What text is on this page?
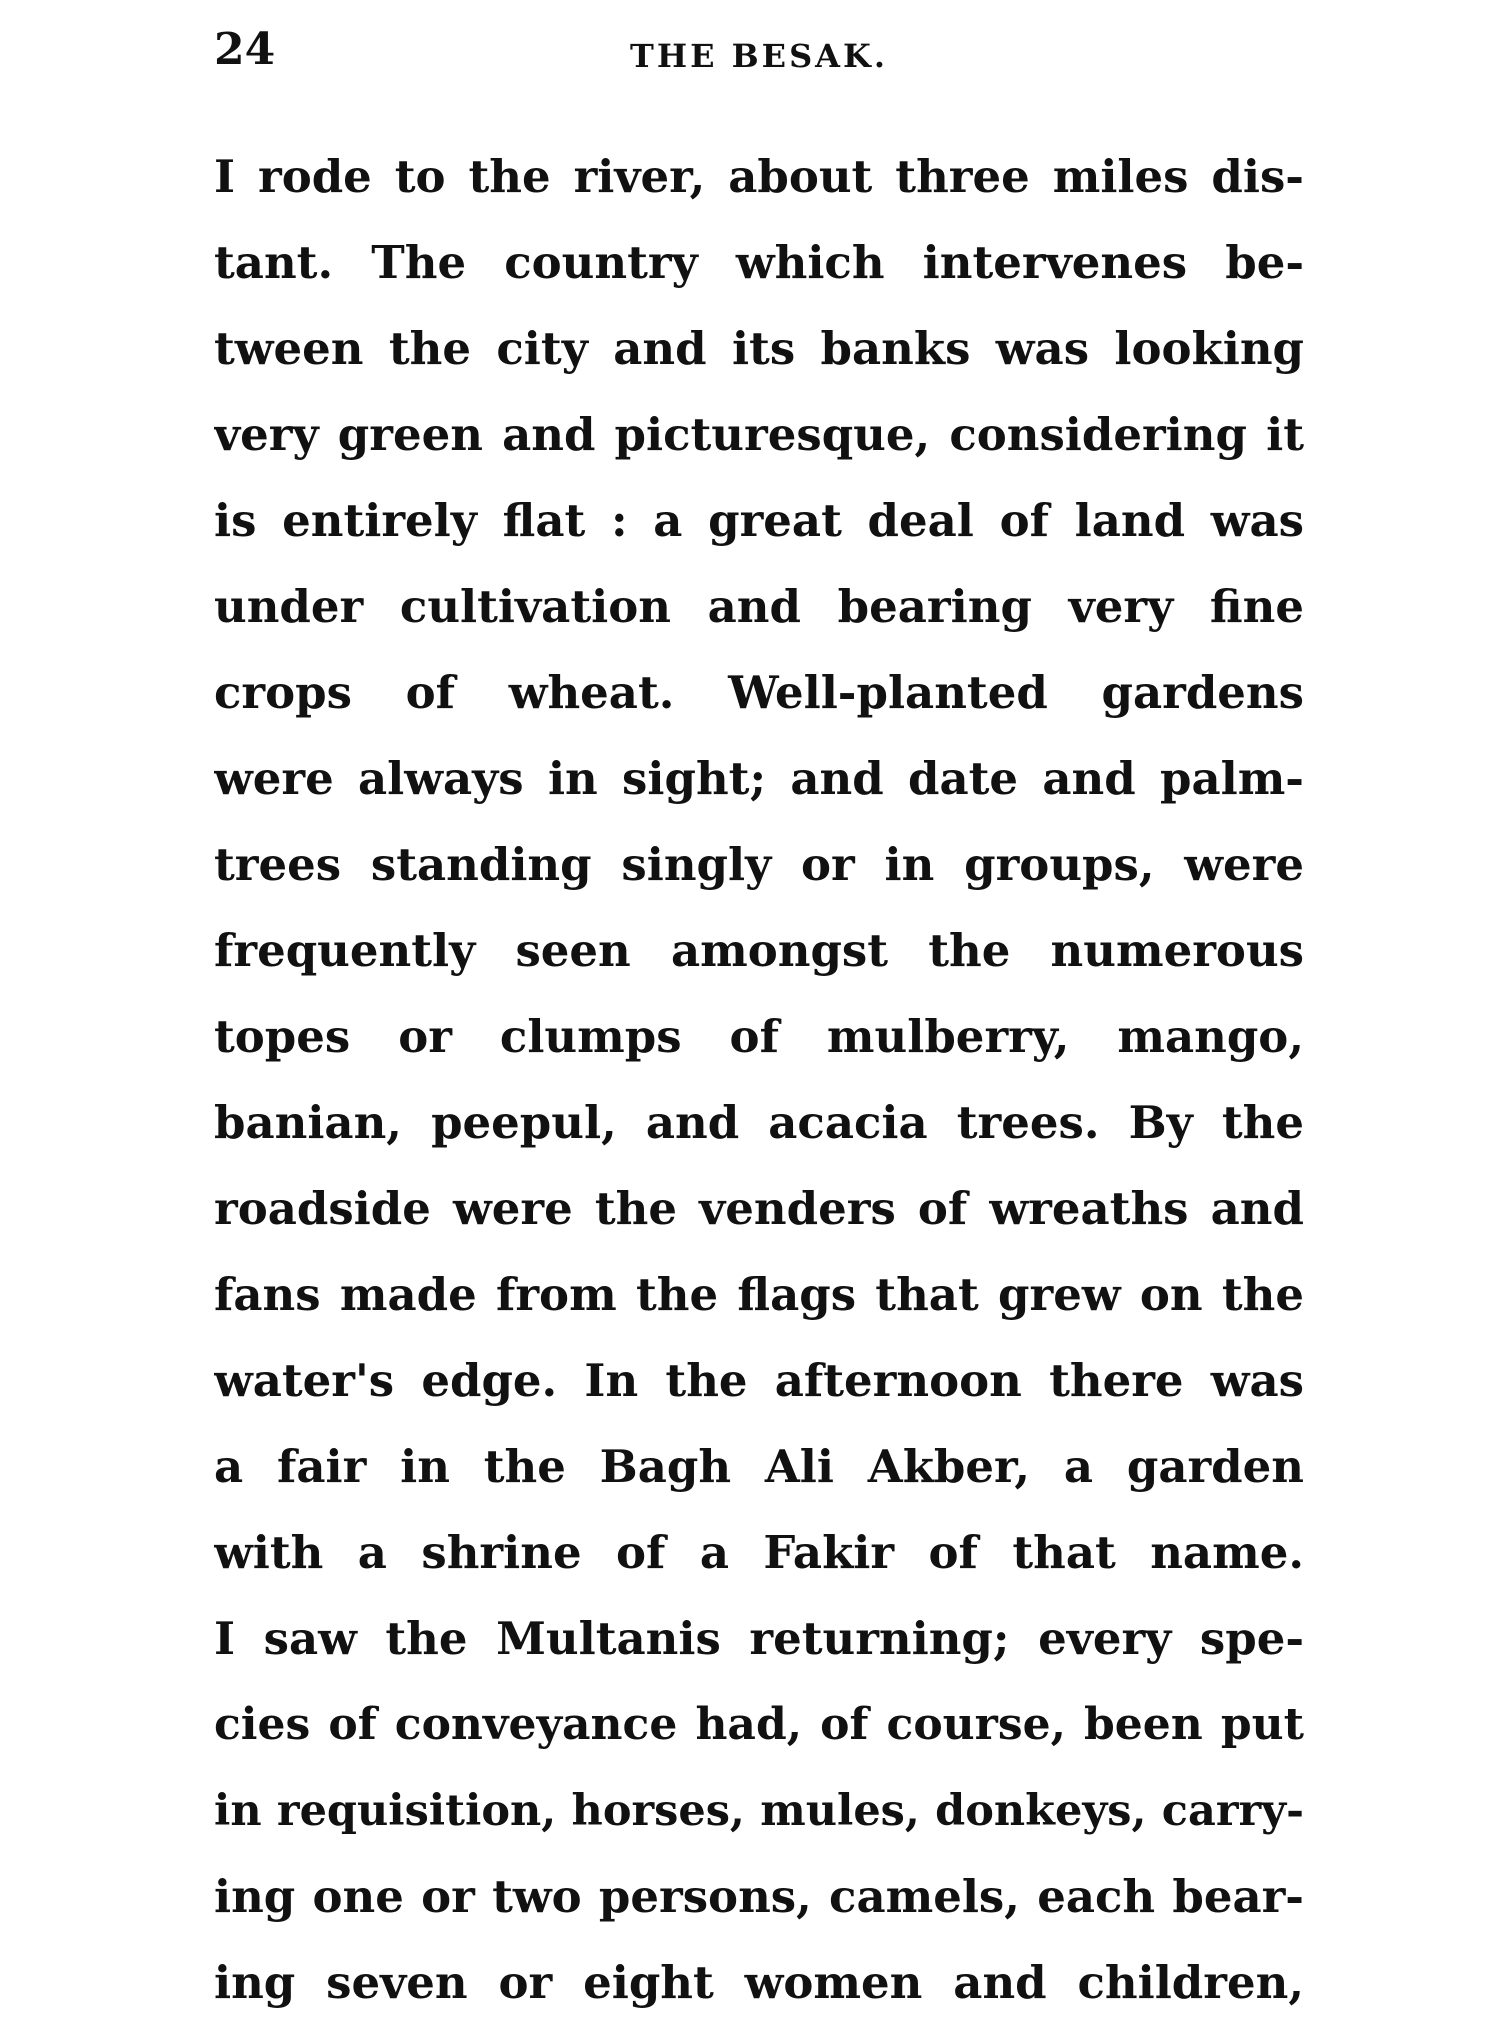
24	THE BESAK.
I rode to the river, about three miles dis-
tant. The country which intervenes be-
tween the city and its banks was looking
very green and picturesque, considering it
is entirely flat : a great deal of land was
under cultivation and bearing very fine
crops of wheat. Well-planted gardens
were always in sight; and date and palm-
trees standing singly or in groups, were
frequently seen amongst the numerous
topes or clumps of mulberry, mango,
banian, peepul, and acacia trees. By the
roadside were the venders of wreaths and
fans made from the flags that grew on the
water's edge. In the afternoon there was
a fair in the Bagh Ali Akber, a garden
with a shrine of a Fakir of that name.
I saw the Multanis returning; every spe-
cies of conveyance had, of course, been put
in requisition, horses, mules, donkeys, carry-
ing one or two persons, camels, each bear-
ing seven or eight women and children,
